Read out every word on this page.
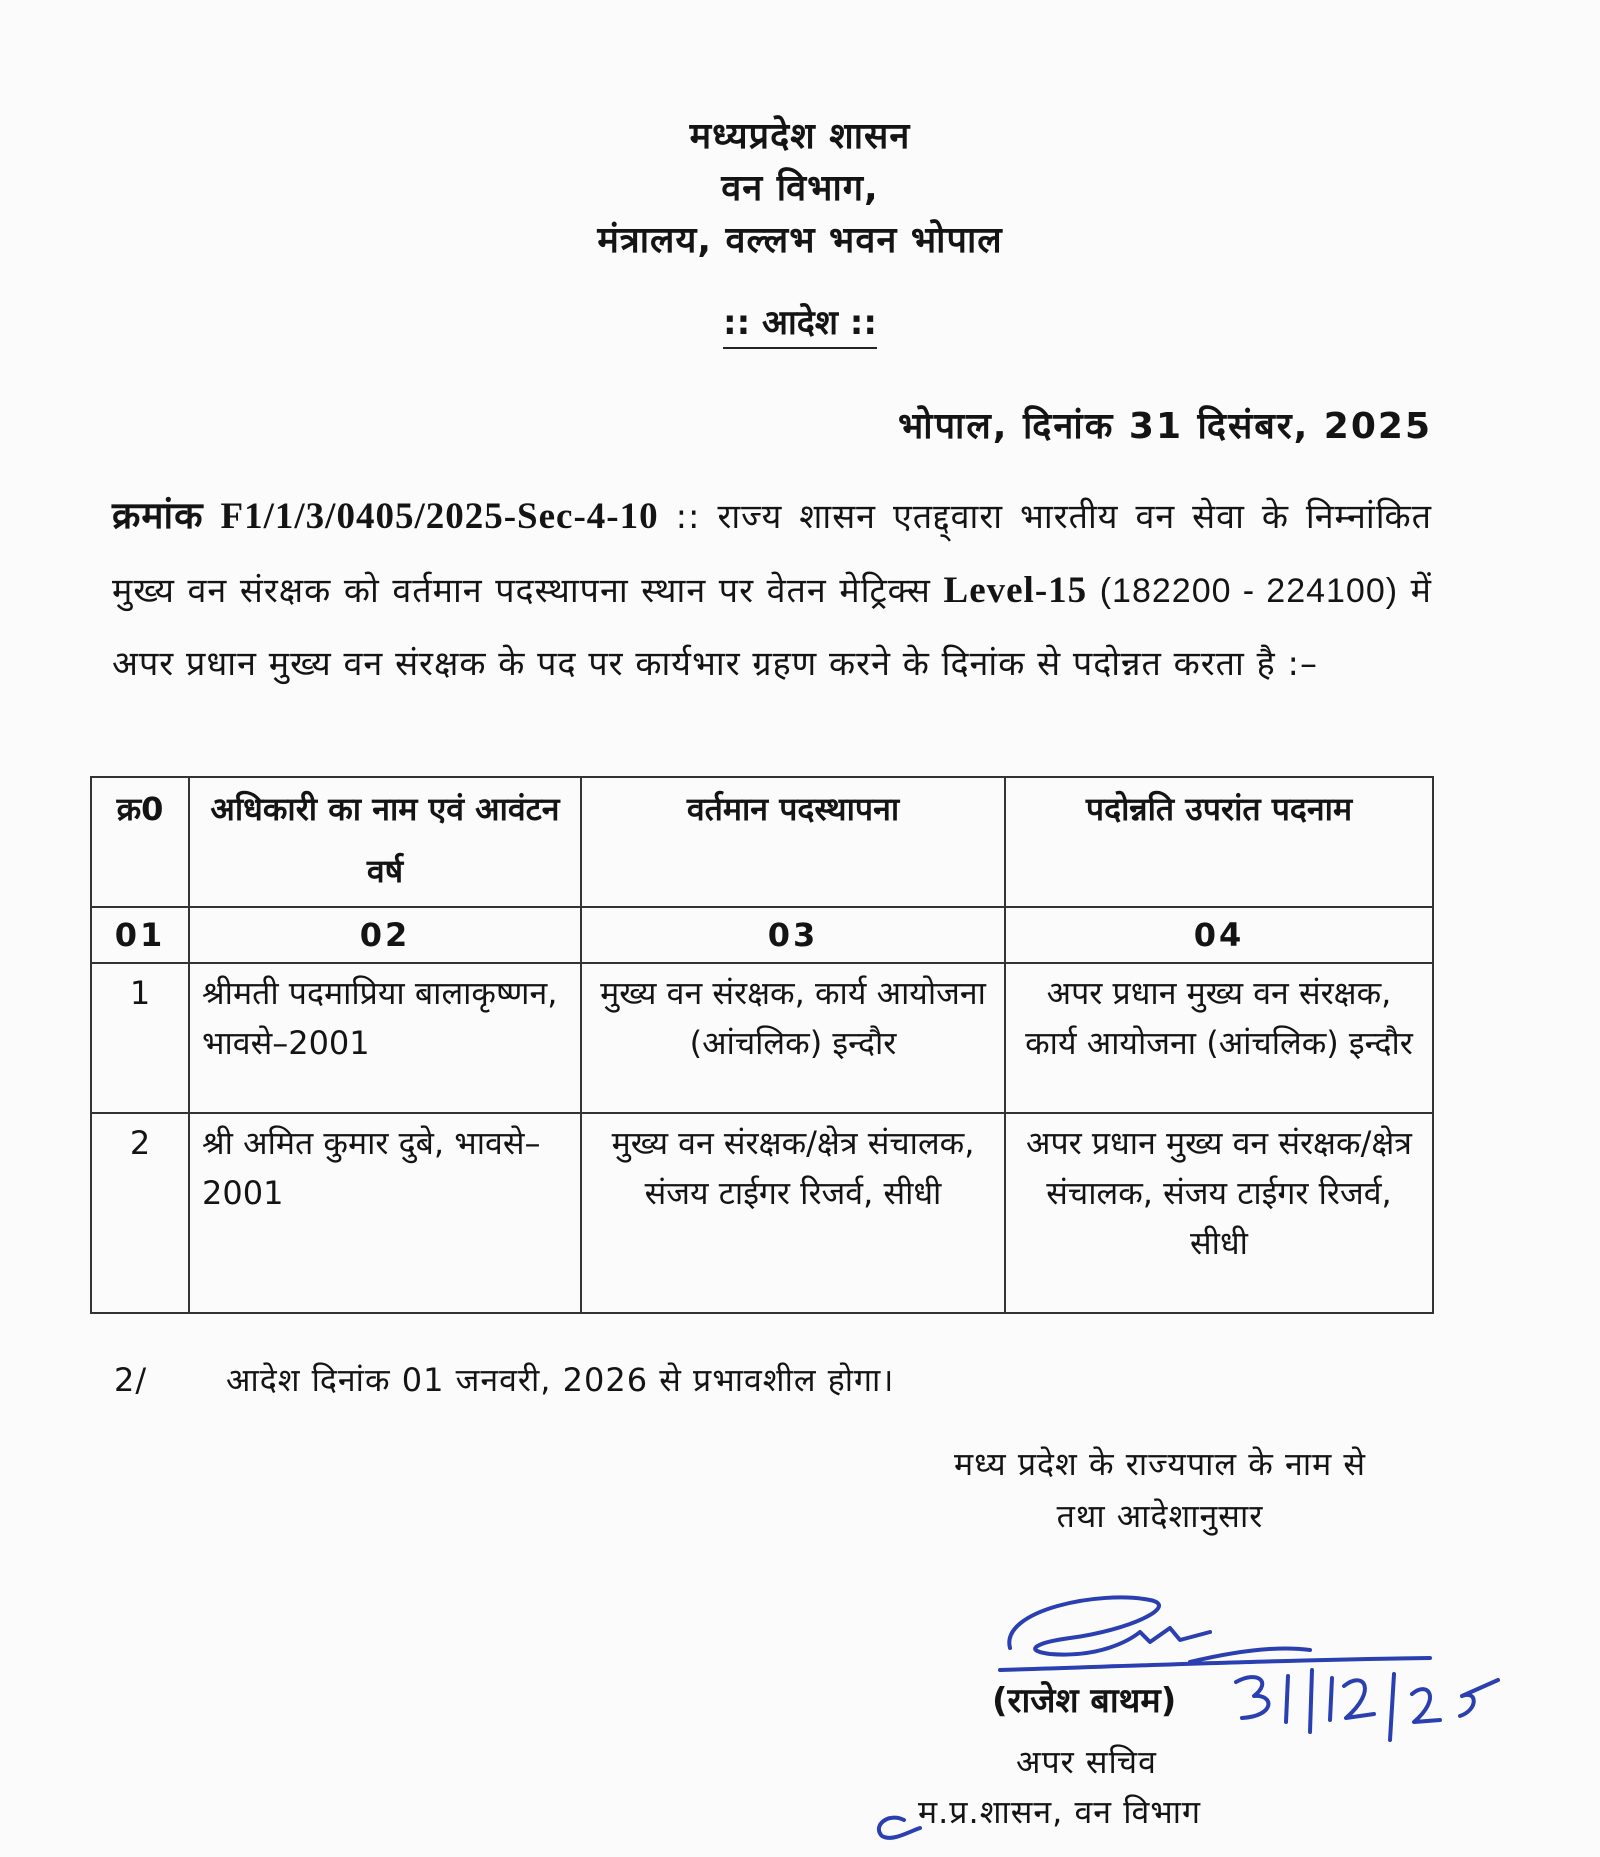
मध्यप्रदेश शासन
वन विभाग,
मंत्रालय, वल्लभ भवन भोपाल
:: आदेश ::
भोपाल, दिनांक 31 दिसंबर, 2025
क्रमांक F1/1/3/0405/2025-Sec-4-10 :: राज्य शासन एतद्द्वारा भारतीय वन सेवा के निम्नांकित मुख्य वन संरक्षक को वर्तमान पदस्थापना स्थान पर वेतन मेट्रिक्स Level-15 (182200 - 224100) में अपर प्रधान मुख्य वन संरक्षक के पद पर कार्यभार ग्रहण करने के दिनांक से पदोन्नत करता है :–
क्र0	अधिकारी का नाम एवं आवंटन वर्ष	वर्तमान पदस्थापना	पदोन्नति उपरांत पदनाम
01	02	03	04
1	श्रीमती पदमाप्रिया बालाकृष्णन, भावसे–2001	मुख्य वन संरक्षक, कार्य आयोजना (आंचलिक) इन्दौर	अपर प्रधान मुख्य वन संरक्षक, कार्य आयोजना (आंचलिक) इन्दौर
2	श्री अमित कुमार दुबे, भावसे–2001	मुख्य वन संरक्षक/क्षेत्र संचालक, संजय टाईगर रिजर्व, सीधी	अपर प्रधान मुख्य वन संरक्षक/क्षेत्र संचालक, संजय टाईगर रिजर्व, सीधी
2/ आदेश दिनांक 01 जनवरी, 2026 से प्रभावशील होगा।
मध्य प्रदेश के राज्यपाल के नाम से
तथा आदेशानुसार
(राजेश बाथम)
अपर सचिव
म.प्र.शासन, वन विभाग
